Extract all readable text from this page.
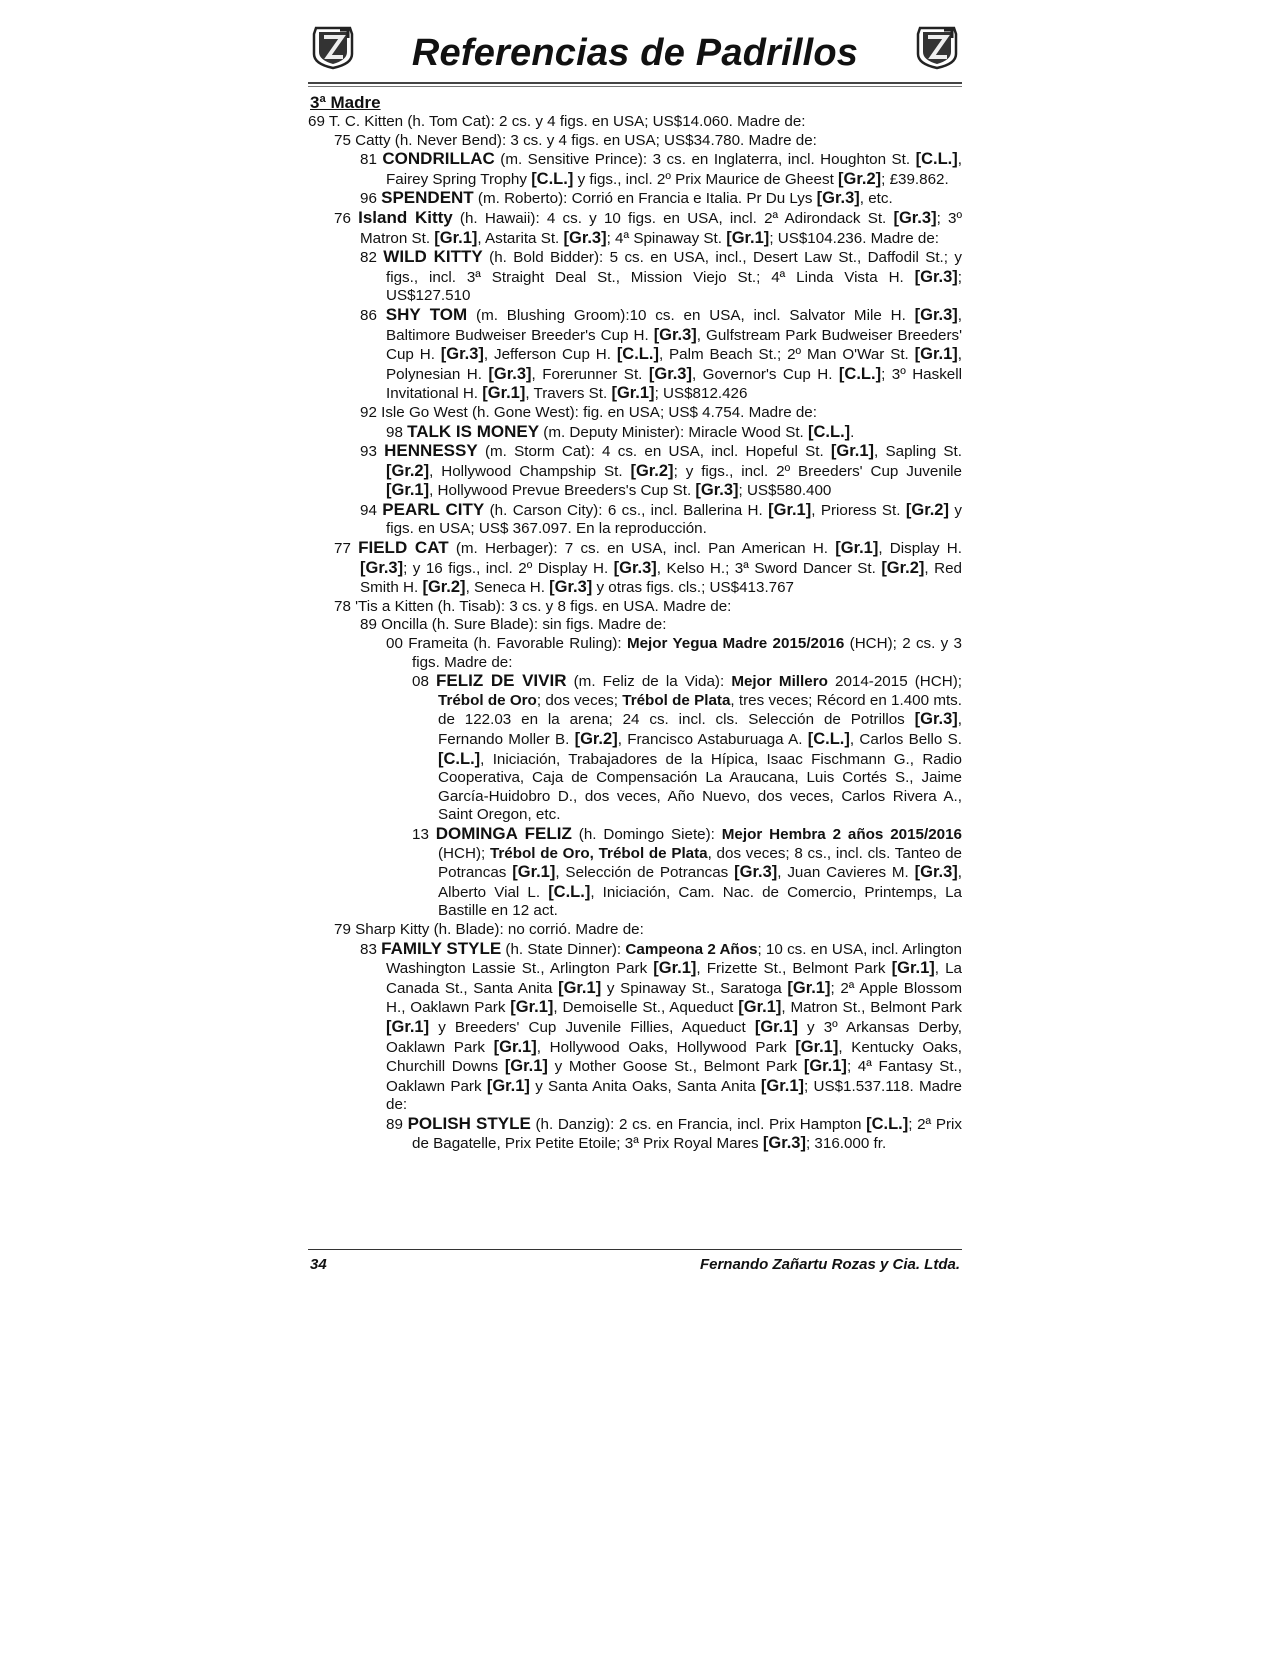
Referencias de Padrillos
3ª Madre
69 T. C. Kitten (h. Tom Cat): 2 cs. y 4 figs. en USA; US$14.060. Madre de:
75 Catty (h. Never Bend): 3 cs. y 4 figs. en USA; US$34.780. Madre de:
81 CONDRILLAC (m. Sensitive Prince): 3 cs. en Inglaterra, incl. Houghton St. [C.L.], Fairey Spring Trophy [C.L.] y figs., incl. 2º Prix Maurice de Gheest [Gr.2]; £39.862.
96 SPENDENT (m. Roberto): Corrió en Francia e Italia. Pr Du Lys [Gr.3], etc.
76 Island Kitty (h. Hawaii): 4 cs. y 10 figs. en USA, incl. 2ª Adirondack St. [Gr.3]; 3º Matron St. [Gr.1], Astarita St. [Gr.3]; 4ª Spinaway St. [Gr.1]; US$104.236. Madre de:
82 WILD KITTY (h. Bold Bidder): 5 cs. en USA, incl., Desert Law St., Daffodil St.; y figs., incl. 3ª Straight Deal St., Mission Viejo St.; 4ª Linda Vista H. [Gr.3]; US$127.510
86 SHY TOM (m. Blushing Groom):10 cs. en USA, incl. Salvator Mile H. [Gr.3], Baltimore Budweiser Breeder's Cup H. [Gr.3], Gulfstream Park Budweiser Breeders' Cup H. [Gr.3], Jefferson Cup H. [C.L.], Palm Beach St.; 2º Man O'War St. [Gr.1], Polynesian H. [Gr.3], Forerunner St. [Gr.3], Governor's Cup H. [C.L.]; 3º Haskell Invitational H. [Gr.1], Travers St. [Gr.1]; US$812.426
92 Isle Go West (h. Gone West): fig. en USA; US$ 4.754. Madre de:
98 TALK IS MONEY (m. Deputy Minister): Miracle Wood St. [C.L.].
93 HENNESSY (m. Storm Cat): 4 cs. en USA, incl. Hopeful St. [Gr.1], Sapling St. [Gr.2], Hollywood Champship St. [Gr.2]; y figs., incl. 2º Breeders' Cup Juvenile [Gr.1], Hollywood Prevue Breeders's Cup St. [Gr.3]; US$580.400
94 PEARL CITY (h. Carson City): 6 cs., incl. Ballerina H. [Gr.1], Prioress St. [Gr.2] y figs. en USA; US$ 367.097. En la reproducción.
77 FIELD CAT (m. Herbager): 7 cs. en USA, incl. Pan American H. [Gr.1], Display H. [Gr.3]; y 16 figs., incl. 2º Display H. [Gr.3], Kelso H.; 3ª Sword Dancer St. [Gr.2], Red Smith H. [Gr.2], Seneca H. [Gr.3] y otras figs. cls.; US$413.767
78 'Tis a Kitten (h. Tisab): 3 cs. y 8 figs. en USA. Madre de:
89 Oncilla (h. Sure Blade): sin figs. Madre de:
00 Frameita (h. Favorable Ruling): Mejor Yegua Madre 2015/2016 (HCH); 2 cs. y 3 figs. Madre de:
08 FELIZ DE VIVIR (m. Feliz de la Vida): Mejor Millero 2014-2015 (HCH); Trébol de Oro; dos veces; Trébol de Plata, tres veces; Récord en 1.400 mts. de 122.03 en la arena; 24 cs. incl. cls. Selección de Potrillos [Gr.3], Fernando Moller B. [Gr.2], Francisco Astaburuaga A. [C.L.], Carlos Bello S. [C.L.], Iniciación, Trabajadores de la Hípica, Isaac Fischmann G., Radio Cooperativa, Caja de Compensación La Araucana, Luis Cortés S., Jaime García-Huidobro D., dos veces, Año Nuevo, dos veces, Carlos Rivera A., Saint Oregon, etc.
13 DOMINGA FELIZ (h. Domingo Siete): Mejor Hembra 2 años 2015/2016 (HCH); Trébol de Oro, Trébol de Plata, dos veces; 8 cs., incl. cls. Tanteo de Potrancas [Gr.1], Selección de Potrancas [Gr.3], Juan Cavieres M. [Gr.3], Alberto Vial L. [C.L.], Iniciación, Cam. Nac. de Comercio, Printemps, La Bastille en 12 act.
79 Sharp Kitty (h. Blade): no corrió. Madre de:
83 FAMILY STYLE (h. State Dinner): Campeona 2 Años; 10 cs. en USA, incl. Arlington Washington Lassie St., Arlington Park [Gr.1], Frizette St., Belmont Park [Gr.1], La Canada St., Santa Anita [Gr.1] y Spinaway St., Saratoga [Gr.1]; 2ª Apple Blossom H., Oaklawn Park [Gr.1], Demoiselle St., Aqueduct [Gr.1], Matron St., Belmont Park [Gr.1] y Breeders' Cup Juvenile Fillies, Aqueduct [Gr.1] y 3º Arkansas Derby, Oaklawn Park [Gr.1], Hollywood Oaks, Hollywood Park [Gr.1], Kentucky Oaks, Churchill Downs [Gr.1] y Mother Goose St., Belmont Park [Gr.1]; 4ª Fantasy St., Oaklawn Park [Gr.1] y Santa Anita Oaks, Santa Anita [Gr.1]; US$1.537.118. Madre de:
89 POLISH STYLE (h. Danzig): 2 cs. en Francia, incl. Prix Hampton [C.L.]; 2ª Prix de Bagatelle, Prix Petite Etoile; 3ª Prix Royal Mares [Gr.3]; 316.000 fr.
34	Fernando Zañartu Rozas y Cia. Ltda.
